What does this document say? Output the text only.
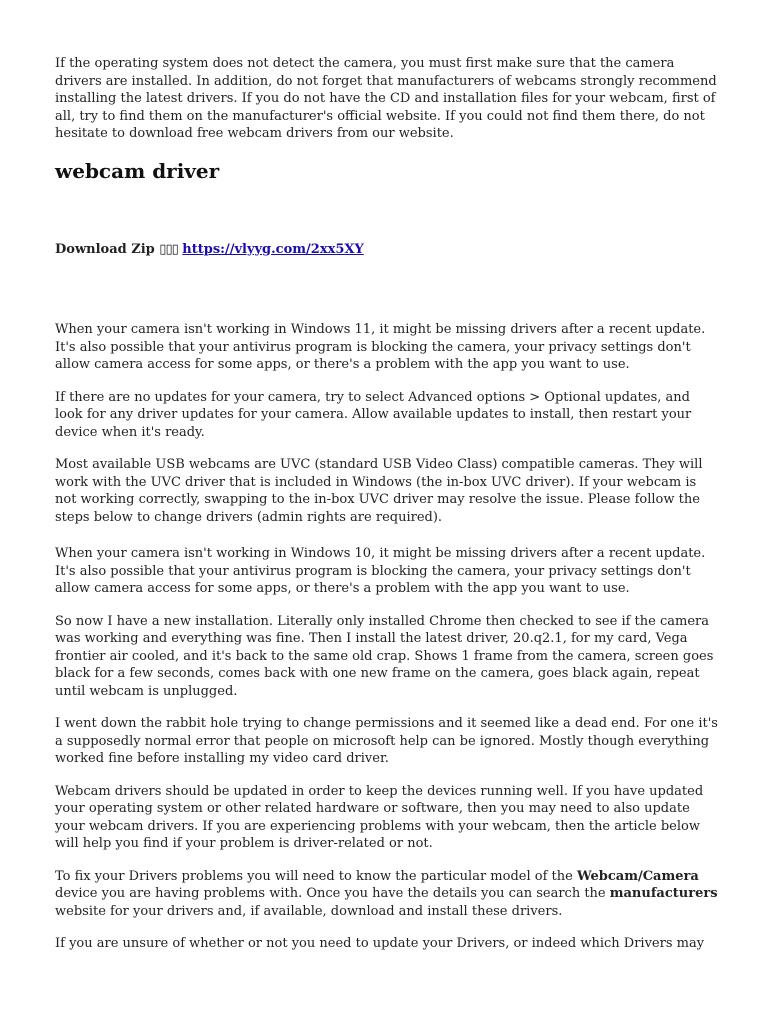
If the operating system does not detect the camera, you must first make sure that the camera drivers are installed. In addition, do not forget that manufacturers of webcams strongly recommend installing the latest drivers. If you do not have the CD and installation files for your webcam, first of all, try to find them on the manufacturer's official website. If you could not find them there, do not hesitate to download free webcam drivers from our website.

webcam driver

Download Zip ▯▯▯ https://vlyyg.com/2xx5XY

When your camera isn't working in Windows 11, it might be missing drivers after a recent update. It's also possible that your antivirus program is blocking the camera, your privacy settings don't allow camera access for some apps, or there's a problem with the app you want to use.

If there are no updates for your camera, try to select Advanced options > Optional updates, and look for any driver updates for your camera. Allow available updates to install, then restart your device when it's ready.

Most available USB webcams are UVC (standard USB Video Class) compatible cameras. They will work with the UVC driver that is included in Windows (the in-box UVC driver). If your webcam is not working correctly, swapping to the in-box UVC driver may resolve the issue. Please follow the steps below to change drivers (admin rights are required).

When your camera isn't working in Windows 10, it might be missing drivers after a recent update. It's also possible that your antivirus program is blocking the camera, your privacy settings don't allow camera access for some apps, or there's a problem with the app you want to use.

So now I have a new installation. Literally only installed Chrome then checked to see if the camera was working and everything was fine. Then I install the latest driver, 20.q2.1, for my card, Vega frontier air cooled, and it's back to the same old crap. Shows 1 frame from the camera, screen goes black for a few seconds, comes back with one new frame on the camera, goes black again, repeat until webcam is unplugged.

I went down the rabbit hole trying to change permissions and it seemed like a dead end. For one it's a supposedly normal error that people on microsoft help can be ignored. Mostly though everything worked fine before installing my video card driver.

Webcam drivers should be updated in order to keep the devices running well. If you have updated your operating system or other related hardware or software, then you may need to also update your webcam drivers. If you are experiencing problems with your webcam, then the article below will help you find if your problem is driver-related or not.

To fix your Drivers problems you will need to know the particular model of the Webcam/Camera device you are having problems with. Once you have the details you can search the manufacturers website for your drivers and, if available, download and install these drivers.

If you are unsure of whether or not you need to update your Drivers, or indeed which Drivers may
